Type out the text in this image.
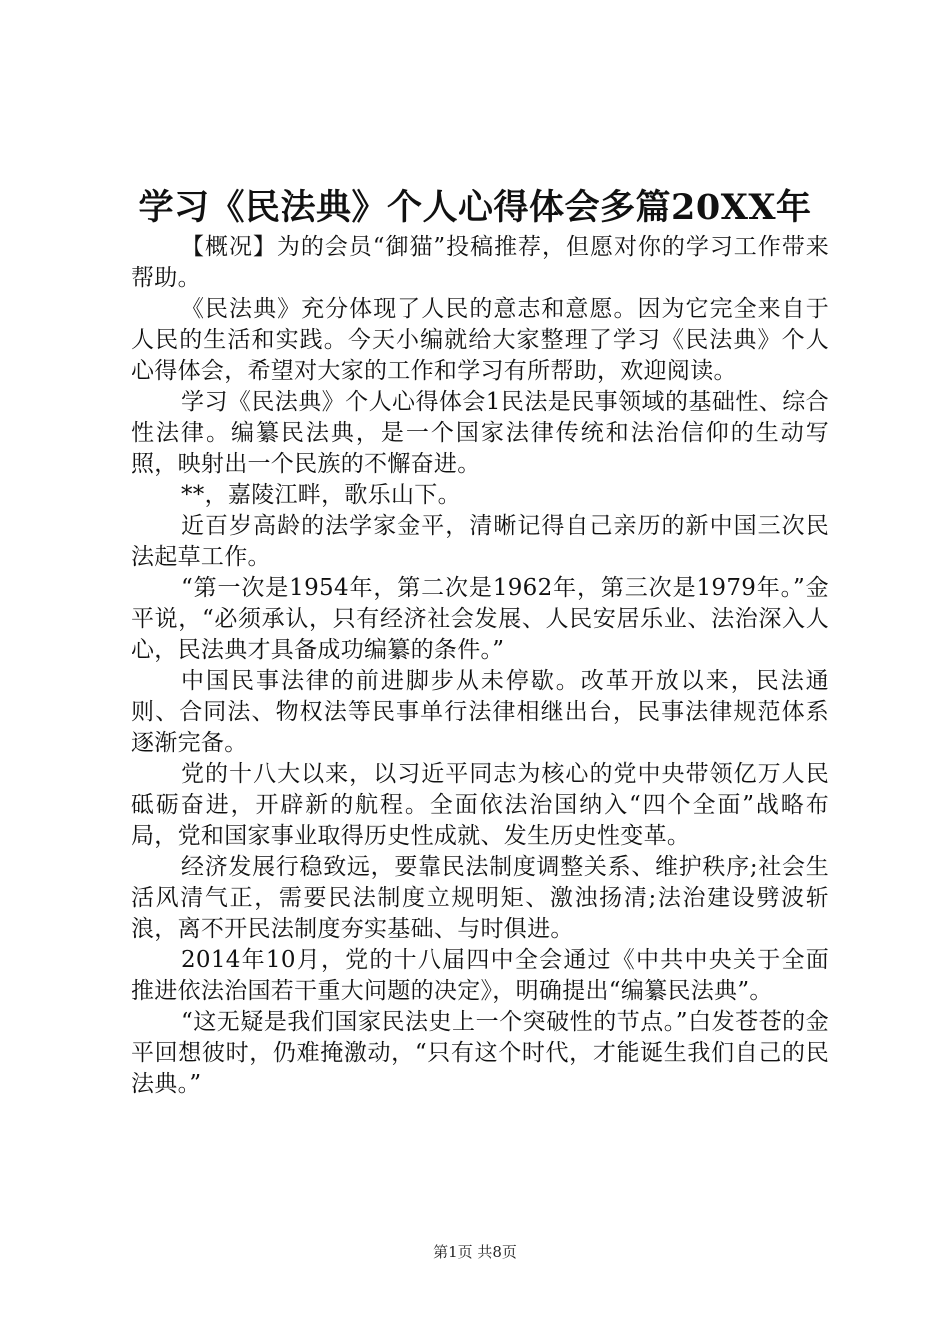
学习《民法典》个人心得体会多篇20XX年

【概况】为的会员“御猫”投稿推荐，但愿对你的学习工作带来帮助。

《民法典》充分体现了人民的意志和意愿。因为它完全来自于人民的生活和实践。今天小编就给大家整理了学习《民法典》个人心得体会，希望对大家的工作和学习有所帮助，欢迎阅读。

学习《民法典》个人心得体会1民法是民事领域的基础性、综合性法律。编纂民法典，是一个国家法律传统和法治信仰的生动写照，映射出一个民族的不懈奋进。

**，嘉陵江畔，歌乐山下。

近百岁高龄的法学家金平，清晰记得自己亲历的新中国三次民法起草工作。

“第一次是1954年，第二次是1962年，第三次是1979年。”金平说，“必须承认，只有经济社会发展、人民安居乐业、法治深入人心，民法典才具备成功编纂的条件。”

中国民事法律的前进脚步从未停歇。改革开放以来，民法通则、合同法、物权法等民事单行法律相继出台，民事法律规范体系逐渐完备。

党的十八大以来，以习近平同志为核心的党中央带领亿万人民砥砺奋进，开辟新的航程。全面依法治国纳入“四个全面”战略布局，党和国家事业取得历史性成就、发生历史性变革。

经济发展行稳致远，要靠民法制度调整关系、维护秩序;社会生活风清气正，需要民法制度立规明矩、激浊扬清;法治建设劈波斩浪，离不开民法制度夯实基础、与时俱进。

2014年10月，党的十八届四中全会通过《中共中央关于全面推进依法治国若干重大问题的决定》，明确提出“编纂民法典”。

“这无疑是我们国家民法史上一个突破性的节点。”白发苍苍的金平回想彼时，仍难掩激动，“只有这个时代，才能诞生我们自己的民法典。”

第1页 共8页
